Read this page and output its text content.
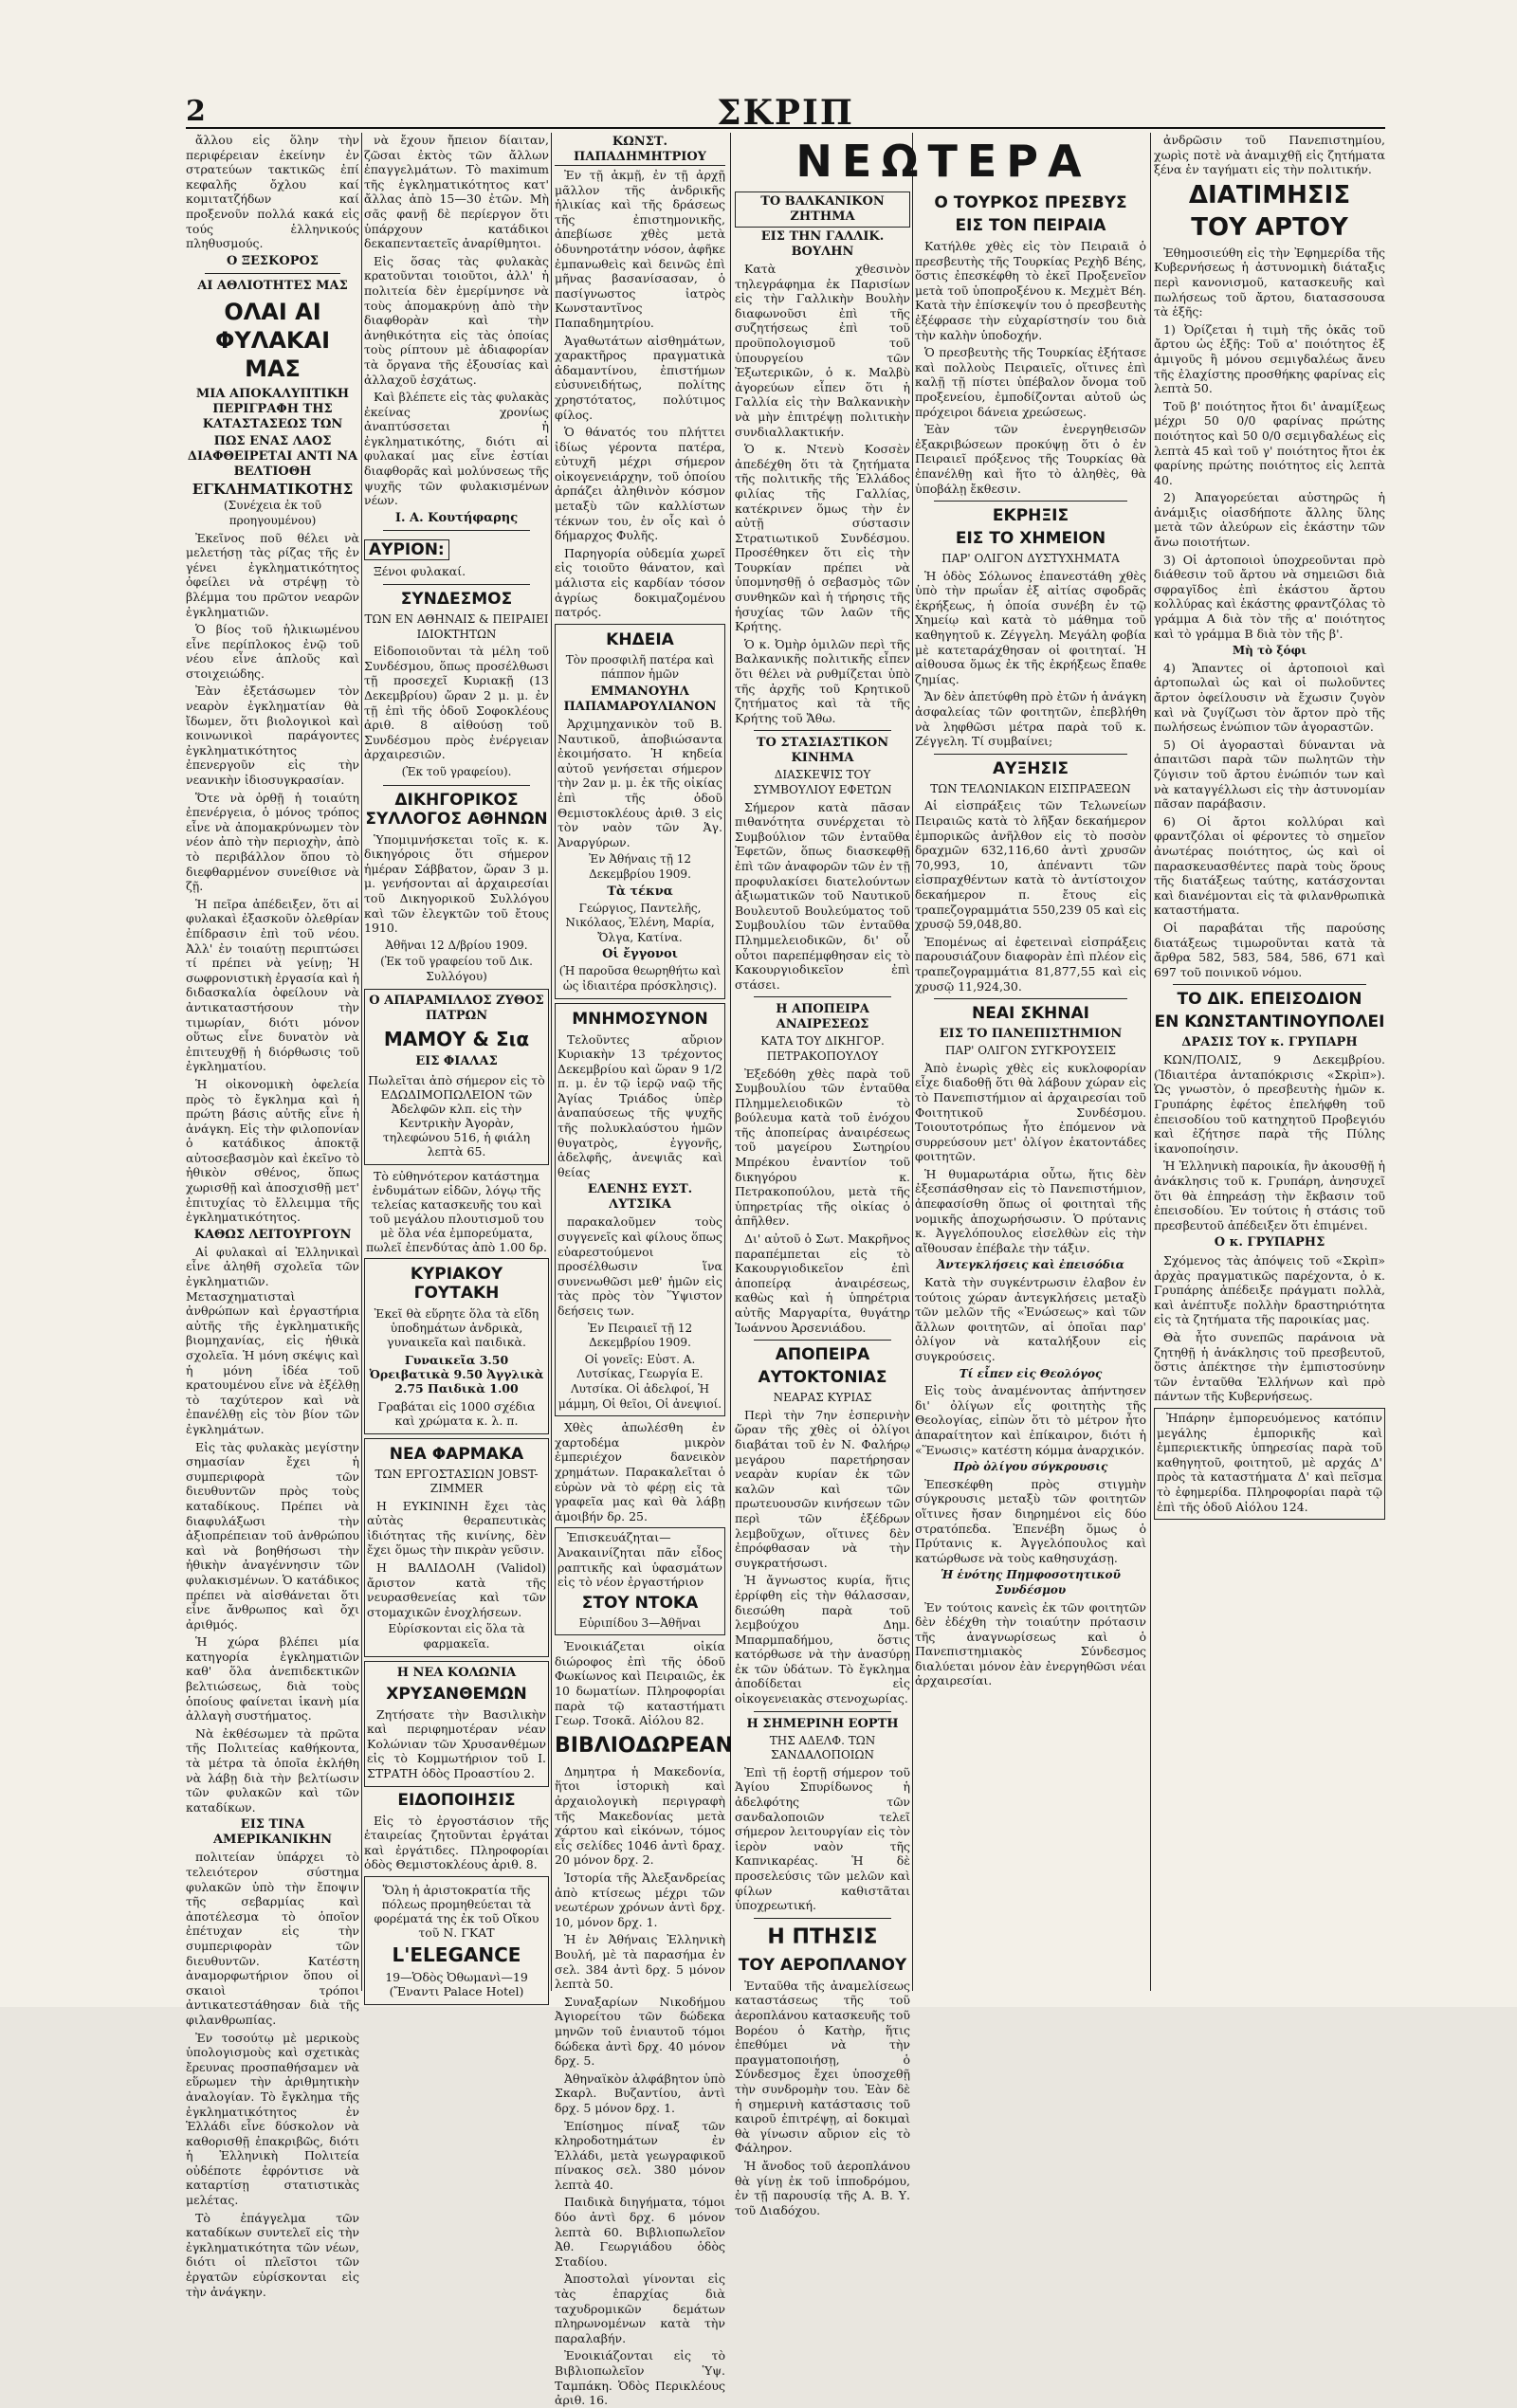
2	ΣΚΡΙΠ

ἄλλου εἰς ὅλην τὴν περιφέρειαν ἐκείνην ἐν στρατεύων τακτικῶς ἐπί κεφαλῆς ὄχλου καί κομιτατζήδων καί προξενοῦν πολλά κακά εἰς τούς ἑλληνικούς πληθυσμούς.

Ο ΞΕΣΚΟΡΟΣ
ΑΙ ΑΘΛΙΟΤΗΤΕΣ ΜΑΣ
ΟΛΑΙ ΑΙ ΦΥΛΑΚΑΙ ΜΑΣ
ΜΙΑ ΑΠΟΚΑΛΥΠΤΙΚΗ ΠΕΡΙΓΡΑΦΗ ΤΗΣ ΚΑΤΑΣΤΑΣΕΩΣ ΤΩΝ
ΠΩΣ ΕΝΑΣ ΛΑΟΣ ΔΙΑΦΘΕΙΡΕΤΑΙ ΑΝΤΙ ΝΑ ΒΕΛΤΙΟΘΗ
ΕΓΚΛΗΜΑΤΙΚΟΤΗΣ
(Συνέχεια ἐκ τοῦ προηγουμένου)

Ἐκεῖνος ποῦ θέλει νὰ μελετήσῃ τὰς ρίζας τῆς ἐν γένει ἐγκληματικότητος ὀφείλει νὰ στρέψῃ τὸ βλέμμα του πρῶτον νεαρῶν ἐγκληματιῶν.

Ὁ βίος τοῦ ἡλικιωμένου εἶνε περίπλοκος ἐνῷ τοῦ νέου εἶνε ἁπλοῦς καὶ στοιχειώδης.

Ἐὰν ἐξετάσωμεν τὸν νεαρὸν ἐγκληματίαν θὰ ἴδωμεν, ὅτι βιολογικοὶ καὶ κοινωνικοὶ παράγοντες ἐγκληματικότητος ἐπενεργοῦν εἰς τὴν νεανικὴν ἰδιοσυγκρασίαν.

Ὅτε νὰ ὀρθῇ ἡ τοιαύτη ἐπενέργεια, ὁ μόνος τρόπος εἶνε νὰ ἀπομακρύνωμεν τὸν νέον ἀπὸ τὴν περιοχὴν, ἀπὸ τὸ περιβάλλον ὅπου τὸ διεφθαρμένον συνείθισε νὰ ζῇ.

Ἡ πεῖρα ἀπέδειξεν, ὅτι αἱ φυλακαὶ ἐξασκοῦν ὀλεθρίαν ἐπίδρασιν ἐπὶ τοῦ νέου. Ἀλλ' ἐν τοιαύτῃ περιπτώσει τί πρέπει νὰ γείνῃ; Ἡ σωφρονιστικὴ ἐργασία καὶ ἡ διδασκαλία ὀφείλουν νὰ ἀντικαταστήσουν τὴν τιμωρίαν, διότι μόνον οὕτως εἶνε δυνατὸν νὰ ἐπιτευχθῇ ἡ διόρθωσις τοῦ ἐγκληματίου.

Ἡ οἰκονομικὴ ὀφελεία πρὸς τὸ ἔγκλημα καὶ ἡ πρώτη βάσις αὐτῆς εἶνε ἡ ἀνάγκη. Εἰς τὴν φιλοπονίαν ὁ κατάδικος ἀποκτᾷ αὐτοσεβασμὸν καὶ ἐκεῖνο τὸ ἠθικὸν σθένος, ὅπως χωρισθῇ καὶ ἀποσχισθῇ μετ' ἐπιτυχίας τὸ ἔλλειμμα τῆς ἐγκληματικότητος.

ΚΑΘΩΣ ΛΕΙΤΟΥΡΓΟΥΝ

Αἱ φυλακαὶ αἱ Ἑλληνικαὶ εἶνε ἀληθῆ σχολεῖα τῶν ἐγκληματιῶν. Μετασχηματισταὶ ἀνθρώπων καὶ ἐργαστήρια αὐτῆς τῆς ἐγκληματικῆς βιομηχανίας, εἰς ἠθικὰ σχολεῖα. Ἡ μόνη σκέψις καὶ ἡ μόνη ἰδέα τοῦ κρατουμένου εἶνε νὰ ἐξέλθῃ τὸ ταχύτερον καὶ νὰ ἐπανέλθῃ εἰς τὸν βίον τῶν ἐγκλημάτων.

Εἰς τὰς φυλακὰς μεγίστην σημασίαν ἔχει ἡ συμπεριφορὰ τῶν διευθυντῶν πρὸς τοὺς καταδίκους. Πρέπει νὰ διαφυλάξωσι τὴν ἀξιοπρέπειαν τοῦ ἀνθρώπου καὶ νὰ βοηθήσωσι τὴν ἠθικὴν ἀναγέννησιν τῶν φυλακισμένων. Ὁ κατάδικος πρέπει νὰ αἰσθάνεται ὅτι εἶνε ἄνθρωπος καὶ ὄχι ἀριθμός.

Ἡ χώρα βλέπει μία κατηγορία ἐγκληματιῶν καθ' ὅλα ἀνεπιδεκτικῶν βελτιώσεως, διὰ τοὺς ὁποίους φαίνεται ἱκανὴ μία ἀλλαγὴ συστήματος.

Νὰ ἐκθέσωμεν τὰ πρῶτα τῆς Πολιτείας καθήκοντα, τὰ μέτρα τὰ ὁποῖα ἐκλήθη νὰ λάβῃ διὰ τὴν βελτίωσιν τῶν φυλακῶν καὶ τῶν καταδίκων.

ΕΙΣ ΤΙΝΑ ΑΜΕΡΙΚΑΝΙΚΗΝ

πολιτείαν ὑπάρχει τὸ τελειότερον σύστημα φυλακῶν ὑπὸ τὴν ἔποψιν τῆς σεβαρμίας καὶ ἀποτέλεσμα τὸ ὁποῖον ἐπέτυχαν εἰς τὴν συμπεριφορὰν τῶν διευθυντῶν. Κατέστη ἀναμορφωτήριον ὅπου οἱ σκαιοὶ τρόποι ἀντικατεστάθησαν διὰ τῆς φιλανθρωπίας.

Ἐν τοσούτῳ μὲ μερικοὺς ὑπολογισμοὺς καὶ σχετικὰς ἔρευνας προσπαθήσαμεν νὰ εὕρωμεν τὴν ἀριθμητικὴν ἀναλογίαν. Τὸ ἔγκλημα τῆς ἐγκληματικότητος ἐν Ἑλλάδι εἶνε δύσκολον νὰ καθορισθῇ ἐπακριβῶς, διότι ἡ Ἑλληνικὴ Πολιτεία οὐδέποτε ἐφρόντισε νὰ καταρτίσῃ στατιστικὰς μελέτας.

Τὸ ἐπάγγελμα τῶν καταδίκων συντελεῖ εἰς τὴν ἐγκληματικότητα τῶν νέων, διότι οἱ πλεῖστοι τῶν ἐργατῶν εὑρίσκονται εἰς τὴν ἀνάγκην.

νὰ ἔχουν ἤπειον δίαιταν, ζῶσαι ἐκτὸς τῶν ἄλλων ἐπαγγελμάτων. Τὸ maximum τῆς ἐγκληματικότητος κατ' ἄλλας ἀπὸ 15—30 ἐτῶν. Μὴ σᾶς φανῇ δὲ περίεργον ὅτι ὑπάρχουν κατάδικοι δεκαπενταετεῖς ἀναρίθμητοι.

Εἰς ὅσας τὰς φυλακὰς κρατοῦνται τοιοῦτοι, ἀλλ' ἡ πολιτεία δὲν ἐμερίμνησε νὰ τοὺς ἀπομακρύνῃ ἀπὸ τὴν διαφθορὰν καὶ τὴν ἀνηθικότητα εἰς τὰς ὁποίας τοὺς ρίπτουν μὲ ἀδιαφορίαν τὰ ὄργανα τῆς ἐξουσίας καὶ ἀλλαχοῦ ἐσχάτως.

Καὶ βλέπετε εἰς τὰς φυλακὰς ἐκείνας χρονίως ἀναπτύσσεται ἡ ἐγκληματικότης, διότι αἱ φυλακαί μας εἶνε ἐστίαι διαφθορᾶς καὶ μολύνσεως τῆς ψυχῆς τῶν φυλακισμένων νέων.

Ι. Α. Κουτήφαρης
ΑΥΡΙΟΝ:

Ξένοι φυλακαί.

ΣΥΝΔΕΣΜΟΣ
ΤΩΝ ΕΝ ΑΘΗΝΑΙΣ & ΠΕΙΡΑΙΕΙ ΙΔΙΟΚΤΗΤΩΝ

Εἰδοποιοῦνται τὰ μέλη τοῦ Συνδέσμου, ὅπως προσέλθωσι τῇ προσεχεῖ Κυριακῇ (13 Δεκεμβρίου) ὥραν 2 μ. μ. ἐν τῇ ἐπὶ τῆς ὁδοῦ Σοφοκλέους ἀριθ. 8 αἰθούσῃ τοῦ Συνδέσμου πρὸς ἐνέργειαν ἀρχαιρεσιῶν.

(Ἐκ τοῦ γραφείου).
ΔΙΚΗΓΟΡΙΚΟΣ ΣΥΛΛΟΓΟΣ ΑΘΗΝΩΝ

Ὑπομιμνήσκεται τοῖς κ. κ. δικηγόροις ὅτι σήμερον ἡμέραν Σάββατον, ὥραν 3 μ. μ. γενήσονται αἱ ἀρχαιρεσίαι τοῦ Δικηγορικοῦ Συλλόγου καὶ τῶν ἐλεγκτῶν τοῦ ἔτους 1910.

Ἀθῆναι 12 Δ/βρίου 1909.
(Ἐκ τοῦ γραφείου τοῦ Δικ. Συλλόγου)
Ο ΑΠΑΡΑΜΙΛΛΟΣ ΖΥΘΟΣ ΠΑΤΡΩΝ
ΜΑΜΟΥ & Σια
ΕΙΣ ΦΙΑΛΑΣ
Πωλεῖται ἀπὸ σήμερον εἰς τὸ ΕΔΩΔΙΜΟΠΩΛΕΙΟΝ τῶν Ἀδελφῶν κλπ. εἰς τὴν Κεντρικὴν Ἀγορὰν, τηλεφώνου 516, ἡ φιάλη λεπτὰ 65.
Τὸ εὐθηνότερον κατάστημα ἐνδυμάτων εἰδῶν, λόγῳ τῆς τελείας κατασκευῆς του καὶ τοῦ μεγάλου πλουτισμοῦ του μὲ ὅλα νέα ἐμπορεύματα, πωλεῖ ἐπενδύτας ἀπὸ 1.00 δρ.
ΚΥΡΙΑΚΟΥ ΓΟΥΤΑΚΗ
Ἐκεῖ θὰ εὕρητε ὅλα τὰ εἴδη ὑποδημάτων ἀνδρικὰ, γυναικεῖα καὶ παιδικὰ.
Γυναικεῖα 3.50 Ὀρειβατικὰ 9.50 Ἀγγλικὰ 2.75 Παιδικὰ 1.00
Γραβάται εἰς 1000 σχέδια καὶ χρώματα κ. λ. π.
ΝΕΑ ΦΑΡΜΑΚΑ
ΤΩΝ ΕΡΓΟΣΤΑΣΙΩΝ JOBST-ZIMMER

Η ΕΥΚΙΝΙΝΗ ἔχει τὰς αὐτὰς θεραπευτικὰς ἰδιότητας τῆς κινίνης, δὲν ἔχει ὅμως τὴν πικρὰν γεῦσιν.

Η ΒΑΛΙΔΟΛΗ (Validol) ἄριστον κατὰ τῆς νευρασθενείας καὶ τῶν στομαχικῶν ἐνοχλήσεων.

Εὑρίσκονται εἰς ὅλα τὰ φαρμακεῖα.
Η ΝΕΑ ΚΟΛΩΝΙΑ
ΧΡΥΣΑΝΘΕΜΩΝ

Ζητήσατε τὴν Βασιλικὴν καὶ περιφημοτέραν νέαν Κολώνιαν τῶν Χρυσανθέμων εἰς τὸ Κομμωτήριον τοῦ Ι. ΣΤΡΑΤΗ ὁδὸς Προαστίου 2.

ΕΙΔΟΠΟΙΗΣΙΣ

Εἰς τὸ ἐργοστάσιον τῆς ἑταιρείας ζητοῦνται ἐργάται καὶ ἐργάτιδες. Πληροφορίαι ὁδὸς Θεμιστοκλέους ἀριθ. 8.

Ὅλη ἡ ἀριστοκρατία τῆς πόλεως προμηθεύεται τὰ φορέματά της ἐκ τοῦ Οἴκου τοῦ Ν. ΓΚΑΤ
L'ELEGANCE
19—Ὁδὸς Ὀθωμανὶ—19 (Ἔναντι Palace Hotel)
ΚΩΝΣΤ. ΠΑΠΑΔΗΜΗΤΡΙΟΥ

Ἐν τῇ ἀκμῇ, ἐν τῇ ἀρχῇ μᾶλλον τῆς ἀνδρικῆς ἡλικίας καὶ τῆς δράσεως τῆς ἐπιστημονικῆς, ἀπεβίωσε χθὲς μετὰ ὀδυνηροτάτην νόσον, ἀφῆκε ἐμπανωθεὶς καὶ δεινῶς ἐπὶ μῆνας βασανίσασαν, ὁ πασίγνωστος ἰατρὸς Κωνσταντῖνος Παπαδημητρίου.

Ἀγαθωτάτων αἰσθημάτων, χαρακτῆρος πραγματικὰ ἀδαμαντίνου, ἐπιστήμων εὐσυνειδήτως, πολίτης χρηστότατος, πολύτιμος φίλος.

Ὁ θάνατός του πλήττει ἰδίως γέροντα πατέρα, εὐτυχῆ μέχρι σήμερον οἰκογενειάρχην, τοῦ ὁποίου ἀρπάζει ἀληθινὸν κόσμον μεταξὺ τῶν καλλίστων τέκνων του, ἐν οἷς καὶ ὁ δήμαρχος Φυλῆς.

Παρηγορία οὐδεμία χωρεῖ εἰς τοιοῦτο θάνατον, καὶ μάλιστα εἰς καρδίαν τόσον ἀγρίως δοκιμαζομένου πατρός.

ΚΗΔΕΙΑ
Τὸν προσφιλῆ πατέρα καὶ πάππον ἡμῶν
ΕΜΜΑΝΟΥΗΛ ΠΑΠΑΜΑΡΟΥΛΙΑΝΟΝ

Ἀρχιμηχανικὸν τοῦ Β. Ναυτικοῦ, ἀποβιώσαντα ἐκοιμήσατο. Ἡ κηδεία αὐτοῦ γενήσεται σήμερον τὴν 2αν μ. μ. ἐκ τῆς οἰκίας ἐπὶ τῆς ὁδοῦ Θεμιστοκλέους ἀριθ. 3 εἰς τὸν ναὸν τῶν Ἁγ. Ἀναργύρων.

Ἐν Ἀθήναις τῇ 12 Δεκεμβρίου 1909.
Τὰ τέκνα
Γεώργιος, Παντελῆς, Νικόλαος, Ἑλένη, Μαρία, Ὄλγα, Κατίνα.
Οἱ ἔγγονοι
(Ἡ παροῦσα θεωρηθήτω καὶ ὡς ἰδιαιτέρα πρόσκλησις).
ΜΝΗΜΟΣΥΝΟΝ

Τελοῦντες αὔριον Κυριακὴν 13 τρέχοντος Δεκεμβρίου καὶ ὥραν 9 1/2 π. μ. ἐν τῷ ἱερῷ ναῷ τῆς Ἁγίας Τριάδος ὑπὲρ ἀναπαύσεως τῆς ψυχῆς τῆς πολυκλαύστου ἡμῶν θυγατρὸς, ἐγγονῆς, ἀδελφῆς, ἀνεψιᾶς καὶ θείας

ΕΛΕΝΗΣ ΕΥΣΤ. ΛΥΤΣΙΚΑ

παρακαλοῦμεν τοὺς συγγενεῖς καὶ φίλους ὅπως εὐαρεστούμενοι προσέλθωσιν ἵνα συνενωθῶσι μεθ' ἡμῶν εἰς τὰς πρὸς τὸν Ὕψιστον δεήσεις των.

Ἐν Πειραιεῖ τῇ 12 Δεκεμβρίου 1909.
Οἱ γονεῖς: Εὐστ. Α. Λυτσίκας, Γεωργία Ε. Λυτσίκα. Οἱ ἀδελφοί, Ἡ μάμμη, Οἱ θεῖοι, Οἱ ἀνεψιοί.

Χθὲς ἀπωλέσθη ἐν χαρτοδέμα μικρὸν ἐμπεριέχον δανεικὸν χρημάτων. Παρακαλεῖται ὁ εὑρὼν νὰ τὸ φέρῃ εἰς τὰ γραφεῖα μας καὶ θὰ λάβῃ ἀμοιβήν δρ. 25.

Ἐπισκευάζηται—Ἀνακαινίζηται πᾶν εἶδος ραπτικῆς καὶ ὑφασμάτων εἰς τὸ νέον ἐργαστήριον

ΣΤΟΥ ΝΤΟΚΑ
Εὐριπίδου 3—Ἀθῆναι

Ἐνοικιάζεται οἰκία διώροφος ἐπὶ τῆς ὁδοῦ Φωκίωνος καὶ Πειραιῶς, ἐκ 10 δωματίων. Πληροφορίαι παρὰ τῷ καταστήματι Γεωρ. Τσοκᾶ. Αἰόλου 82.

ΒΙΒΛΙΟΔΩΡΕΑΝ

Δημητρα ἡ Μακεδονία, ἥτοι ἱστορικὴ καὶ ἀρχαιολογικὴ περιγραφὴ τῆς Μακεδονίας μετὰ χάρτου καὶ εἰκόνων, τόμος εἷς σελίδες 1046 ἀντὶ δραχ. 20 μόνον δρχ. 2.

Ἱστορία τῆς Ἀλεξανδρείας ἀπὸ κτίσεως μέχρι τῶν νεωτέρων χρόνων ἀντὶ δρχ. 10, μόνον δρχ. 1.

Ἡ ἐν Ἀθήναις Ἑλληνικὴ Βουλή, μὲ τὰ παρασήμα ἐν σελ. 384 ἀντὶ δρχ. 5 μόνον λεπτὰ 50.

Συναξαρίων Νικοδήμου Ἀγιορείτου τῶν δώδεκα μηνῶν τοῦ ἐνιαυτοῦ τόμοι δώδεκα ἀντὶ δρχ. 40 μόνον δρχ. 5.

Ἀθηναϊκὸν ἀλφάβητον ὑπὸ Σκαρλ. Βυζαντίου, ἀντὶ δρχ. 5 μόνον δρχ. 1.

Ἐπίσημος πίναξ τῶν κληροδοτημάτων ἐν Ἑλλάδι, μετὰ γεωγραφικοῦ πίνακος σελ. 380 μόνον λεπτὰ 40.

Παιδικὰ διηγήματα, τόμοι δύο ἀντὶ δρχ. 6 μόνον λεπτὰ 60. Βιβλιοπωλεῖον Ἀθ. Γεωργιάδου ὁδὸς Σταδίου.

Ἀποστολαὶ γίνονται εἰς τὰς ἐπαρχίας διὰ ταχυδρομικῶν δεμάτων πληρωνομένων κατὰ τὴν παραλαβήν.

Ἐνοικιάζονται εἰς τὸ Βιβλιοπωλεῖον Ὑψ. Ταμπάκη. Ὁδὸς Περικλέους ἀριθ. 16.

ΝΕΩΤΕΡΑ
ΤΟ ΒΑΛΚΑΝΙΚΟΝ ΖΗΤΗΜΑ
ΕΙΣ ΤΗΝ ΓΑΛΛΙΚ. ΒΟΥΛΗΝ

Κατὰ χθεσινὸν τηλεγράφημα ἐκ Παρισίων εἰς τὴν Γαλλικὴν Βουλὴν διαφωνοῦσι ἐπὶ τῆς συζητήσεως ἐπὶ τοῦ προϋπολογισμοῦ τοῦ ὑπουργείου τῶν Ἐξωτερικῶν, ὁ κ. Μαλβὺ ἀγορεύων εἶπεν ὅτι ἡ Γαλλία εἰς τὴν Βαλκανικὴν νὰ μὴν ἐπιτρέψῃ πολιτικὴν συνδιαλλακτικήν.

Ὁ κ. Ντενὺ Κοσσὲν ἀπεδέχθη ὅτι τὰ ζητήματα τῆς πολιτικῆς τῆς Ἑλλάδος φιλίας τῆς Γαλλίας, κατέκρινεν ὅμως τὴν ἐν αὐτῇ σύστασιν Στρατιωτικοῦ Συνδέσμου. Προσέθηκεν ὅτι εἰς τὴν Τουρκίαν πρέπει νὰ ὑπομνησθῇ ὁ σεβασμὸς τῶν συνθηκῶν καὶ ἡ τήρησις τῆς ἡσυχίας τῶν λαῶν τῆς Κρήτης.

Ὁ κ. Ὀμὴρ ὁμιλῶν περὶ τῆς Βαλκανικῆς πολιτικῆς εἶπεν ὅτι θέλει νὰ ρυθμίζεται ὑπὸ τῆς ἀρχῆς τοῦ Κρητικοῦ ζητήματος καὶ τὰ τῆς Κρήτης τοῦ Ἄθω.

ΤΟ ΣΤΑΣΙΑΣΤΙΚΟΝ ΚΙΝΗΜΑ
ΔΙΑΣΚΕΨΙΣ ΤΟΥ ΣΥΜΒΟΥΛΙΟΥ ΕΦΕΤΩΝ

Σήμερον κατὰ πᾶσαν πιθανότητα συνέρχεται τὸ Συμβούλιον τῶν ἐνταῦθα Ἐφετῶν, ὅπως διασκεφθῇ ἐπὶ τῶν ἀναφορῶν τῶν ἐν τῇ προφυλακίσει διατελούντων ἀξιωματικῶν τοῦ Ναυτικοῦ Βουλευτοῦ Βουλεύματος τοῦ Συμβουλίου τῶν ἐνταῦθα Πλημμελειοδικῶν, δι' οὗ οὗτοι παρεπέμφθησαν εἰς τὸ Κακουργιοδικεῖον ἐπὶ στάσει.

Η ΑΠΟΠΕΙΡΑ ΑΝΑΙΡΕΣΕΩΣ
ΚΑΤΑ ΤΟΥ ΔΙΚΗΓΟΡ. ΠΕΤΡΑΚΟΠΟΥΛΟΥ

Ἐξεδόθη χθὲς παρὰ τοῦ Συμβουλίου τῶν ἐνταῦθα Πλημμελειοδικῶν τὸ βούλευμα κατὰ τοῦ ἐνόχου τῆς ἀποπείρας ἀναιρέσεως τοῦ μαγείρου Σωτηρίου Μπρέκου ἐναντίον τοῦ δικηγόρου κ. Πετρακοπούλου, μετὰ τῆς ὑπηρετρίας τῆς οἰκίας ὁ ἀπῆλθεν.

Δι' αὐτοῦ ὁ Σωτ. Μακρῆνος παραπέμπεται εἰς τὸ Κακουργιοδικεῖον ἐπὶ ἀποπείρᾳ ἀναιρέσεως, καθὼς καὶ ἡ ὑπηρέτρια αὐτῆς Μαργαρίτα, θυγάτηρ Ἰωάννου Ἀρσενιάδου.

ΑΠΟΠΕΙΡΑ
ΑΥΤΟΚΤΟΝΙΑΣ
ΝΕΑΡΑΣ ΚΥΡΙΑΣ

Περὶ τὴν 7ην ἑσπερινὴν ὥραν τῆς χθὲς οἱ ὀλίγοι διαβάται τοῦ ἐν Ν. Φαλήρῳ μεγάρου παρετήρησαν νεαρὰν κυρίαν ἐκ τῶν καλῶν καὶ τῶν πρωτευουσῶν κινήσεων τῶν περὶ τῶν ἐξέδρων λεμβοῦχων, οἵτινες δὲν ἐπρόφθασαν νὰ τὴν συγκρατήσωσι.

Ἡ ἄγνωστος κυρία, ἥτις ἐρρίφθη εἰς τὴν θάλασσαν, διεσώθη παρὰ τοῦ λεμβούχου Δημ. Μπαρμπαδήμου, ὅστις κατόρθωσε νὰ τὴν ἀνασύρῃ ἐκ τῶν ὑδάτων. Τὸ ἔγκλημα ἀποδίδεται εἰς οἰκογενειακὰς στενοχωρίας.

Η ΣΗΜΕΡΙΝΗ ΕΟΡΤΗ
ΤΗΣ ΑΔΕΛΦ. ΤΩΝ ΣΑΝΔΑΛΟΠΟΙΩΝ

Ἐπὶ τῇ ἑορτῇ σήμερον τοῦ Ἁγίου Σπυρίδωνος ἡ ἀδελφότης τῶν σανδαλοποιῶν τελεῖ σήμερον λειτουργίαν εἰς τὸν ἱερὸν ναὸν τῆς Καπνικαρέας. Ἡ δὲ προσελεύσις τῶν μελῶν καὶ φίλων καθιστᾶται ὑποχρεωτική.

Η ΠΤΗΣΙΣ
ΤΟΥ ΑΕΡΟΠΛΑΝΟΥ

Ἐνταῦθα τῆς ἀναμελίσεως καταστάσεως τῆς τοῦ ἀεροπλάνου κατασκευῆς τοῦ Βορέου ὁ Κατὴρ, ἥτις ἐπεθύμει νὰ τὴν πραγματοποιήσῃ, ὁ Σύνδεσμος ἔχει ὑποσχεθῇ τὴν συνδρομὴν του. Ἐὰν δὲ ἡ σημερινὴ κατάστασις τοῦ καιροῦ ἐπιτρέψῃ, αἱ δοκιμαὶ θὰ γίνωσιν αὔριον εἰς τὸ Φάληρον.

Ἡ ἄνοδος τοῦ ἀεροπλάνου θὰ γίνῃ ἐκ τοῦ ἱπποδρόμου, ἐν τῇ παρουσίᾳ τῆς Α. Β. Υ. τοῦ Διαδόχου.

Ο ΤΟΥΡΚΟΣ ΠΡΕΣΒΥΣ
ΕΙΣ ΤΟΝ ΠΕΙΡΑΙΑ

Κατήλθε χθὲς εἰς τὸν Πειραιᾶ ὁ πρεσβευτὴς τῆς Τουρκίας Ρεχὴδ Βέης, ὅστις ἐπεσκέφθη τὸ ἐκεῖ Προξενεῖον μετὰ τοῦ ὑποπροξένου κ. Μεχμὲτ Βέη. Κατὰ τὴν ἐπίσκεψίν του ὁ πρεσβευτὴς ἐξέφρασε τὴν εὐχαρίστησίν του διὰ τὴν καλὴν ὑποδοχήν.

Ὁ πρεσβευτὴς τῆς Τουρκίας ἐξήτασε καὶ πολλοὺς Πειραιεῖς, οἵτινες ἐπὶ καλῇ τῇ πίστει ὑπέβαλον ὄνομα τοῦ προξενείου, ἐμποδίζονται αὐτοῦ ὡς πρόχειροι δάνεια χρεώσεως.

Ἐὰν τῶν ἐνεργηθεισῶν ἐξακριβώσεων προκύψῃ ὅτι ὁ ἐν Πειραιεῖ πρόξενος τῆς Τουρκίας θὰ ἐπανέλθῃ καὶ ἥτο τὸ ἀληθὲς, θὰ ὑποβάλῃ ἔκθεσιν.

ΕΚΡΗΞΙΣ
ΕΙΣ ΤΟ ΧΗΜΕΙΟΝ
ΠΑΡ' ΟΛΙΓΟΝ ΔΥΣΤΥΧΗΜΑΤΑ

Ἡ ὁδὸς Σόλωνος ἐπανεστάθη χθὲς ὑπὸ τὴν πρωΐαν ἐξ αἰτίας σφοδρᾶς ἐκρήξεως, ἡ ὁποία συνέβη ἐν τῷ Χημείῳ καὶ κατὰ τὸ μάθημα τοῦ καθηγητοῦ κ. Ζέγγελη. Μεγάλη φοβία μὲ κατεταράχθησαν οἱ φοιτηταί. Ἡ αἰθουσα ὅμως ἐκ τῆς ἐκρήξεως ἔπαθε ζημίας.

Ἄν δὲν ἀπετύφθη πρὸ ἐτῶν ἡ ἀνάγκη ἀσφαλείας τῶν φοιτητῶν, ἐπεβλήθη νὰ ληφθῶσι μέτρα παρὰ τοῦ κ. Ζέγγελη. Τί συμβαίνει;

ΑΥΞΗΣΙΣ
ΤΩΝ ΤΕΛΩΝΙΑΚΩΝ ΕΙΣΠΡΑΞΕΩΝ

Αἱ εἰσπράξεις τῶν Τελωνείων Πειραιῶς κατὰ τὸ λῆξαν δεκαήμερον ἐμπορικῶς ἀνῆλθον εἰς τὸ ποσὸν δραχμῶν 632,116,60 ἀντὶ χρυσῶν 70,993, 10, ἀπέναντι τῶν εἰσπραχθέντων κατὰ τὸ ἀντίστοιχον δεκαήμερον π. ἔτους εἰς τραπεζογραμμάτια 550,239 05 καὶ εἰς χρυσῷ 59,048,80.

Ἐπομένως αἱ ἐφετειναὶ εἰσπράξεις παρουσιάζουν διαφορὰν ἐπὶ πλέον εἰς τραπεζογραμμάτια 81,877,55 καὶ εἰς χρυσῷ 11,924,30.

ΝΕΑΙ ΣΚΗΝΑΙ
ΕΙΣ ΤΟ ΠΑΝΕΠΙΣΤΗΜΙΟΝ
ΠΑΡ' ΟΛΙΓΟΝ ΣΥΓΚΡΟΥΣΕΙΣ

Ἀπὸ ἐνωρὶς χθὲς εἰς κυκλοφορίαν εἶχε διαδοθῇ ὅτι θὰ λάβουν χώραν εἰς τὸ Πανεπιστήμιον αἱ ἀρχαιρεσίαι τοῦ Φοιτητικοῦ Συνδέσμου. Τοιουτοτρόπως ἦτο ἐπόμενον νὰ συρρεύσουν μετ' ὀλίγον ἑκατοντάδες φοιτητῶν.

Ἡ θυμαρωτάρια οὗτω, ἥτις δὲν ἐξεσπάσθησαν εἰς τὸ Πανεπιστήμιον, ἀπεφασίσθη ὅπως οἱ φοιτηταὶ τῆς νομικῆς ἀποχωρήσωσιν. Ὁ πρύτανις κ. Ἀγγελόπουλος εἰσελθὼν εἰς τὴν αἴθουσαν ἐπέβαλε τὴν τάξιν.

Ἀντεγκλήσεις καὶ ἐπεισόδια

Κατὰ τὴν συγκέντρωσιν ἐλαβον ἐν τούτοις χώραν ἀντεγκλήσεις μεταξὺ τῶν μελῶν τῆς «Ἑνώσεως» καὶ τῶν ἄλλων φοιτητῶν, αἱ ὁποῖαι παρ' ὀλίγον νὰ καταλήξουν εἰς συγκρούσεις.

Τί εἶπεν εἰς Θεολόγος

Εἰς τοὺς ἀναμένοντας ἀπήντησεν δι' ὀλίγων εἷς φοιτητὴς τῆς Θεολογίας, εἰπὼν ὅτι τὸ μέτρον ἦτο ἀπαραίτητον καὶ ἐπίκαιρον, διότι ἡ «Ἕνωσις» κατέστη κόμμα ἀναρχικόν.

Πρὸ ὀλίγου σύγκρουσις

Ἐπεσκέφθη πρὸς στιγμὴν σύγκρουσις μεταξὺ τῶν φοιτητῶν οἵτινες ἤσαν διηρημένοι εἰς δύο στρατόπεδα. Ἐπενέβη ὅμως ὁ Πρύτανις κ. Ἀγγελόπουλος καὶ κατώρθωσε νὰ τοὺς καθησυχάσῃ.

Ἡ ἑνότης Πημφοσοτητικοῦ Συνδέσμου

Ἐν τούτοις κανεὶς ἐκ τῶν φοιτητῶν δὲν ἐδέχθη τὴν τοιαύτην πρότασιν τῆς ἀναγνωρίσεως καὶ ὁ Πανεπιστημιακὸς Σύνδεσμος διαλύεται μόνον ἐὰν ἐνεργηθῶσι νέαι ἀρχαιρεσίαι.

ἀνδρῶσιν τοῦ Πανεπιστημίου, χωρὶς ποτὲ νὰ ἀναμιχθῇ εἰς ζητήματα ξένα ἐν ταγήματι εἰς τὴν πολιτικήν.

ΔΙΑΤΙΜΗΣΙΣ
ΤΟΥ ΑΡΤΟΥ

Ἐθημοσιεύθη εἰς τὴν Ἐφημερίδα τῆς Κυβερνήσεως ἡ ἀστυνομικὴ διάταξις περὶ κανονισμοῦ, κατασκευῆς καὶ πωλήσεως τοῦ ἄρτου, διατασσουσα τὰ ἑξῆς:

1) Ὀρίζεται ἡ τιμὴ τῆς ὀκᾶς τοῦ ἄρτου ὡς ἑξῆς: Τοῦ α' ποιότητος ἐξ ἀμιγοῦς ἢ μόνου σεμιγδαλέως ἄνευ τῆς ἐλαχίστης προσθήκης φαρίνας εἰς λεπτὰ 50.

Τοῦ β' ποιότητος ἤτοι δι' ἀναμίξεως μέχρι 50 0/0 φαρίνας πρώτης ποιότητος καὶ 50 0/0 σεμιγδαλέως εἰς λεπτὰ 45 καὶ τοῦ γ' ποιότητος ἤτοι ἐκ φαρίνης πρώτης ποιότητος εἰς λεπτὰ 40.

2) Ἀπαγορεύεται αὐστηρῶς ἡ ἀνάμιξις οἱασδήποτε ἄλλης ὕλης μετὰ τῶν ἀλεύρων εἰς ἑκάστην τῶν ἄνω ποιοτήτων.

3) Οἱ ἀρτοποιοὶ ὑποχρεοῦνται πρὸ διάθεσιν τοῦ ἄρτου νὰ σημειῶσι διὰ σφραγῖδος ἐπὶ ἑκάστου ἄρτου κολλύρας καὶ ἑκάστης φραντζόλας τὸ γράμμα Α διὰ τὸν τῆς α' ποιότητος καὶ τὸ γράμμα Β διὰ τὸν τῆς β'.

Μὴ τὸ ξόφι

4) Ἄπαντες οἱ ἀρτοποιοὶ καὶ ἀρτοπωλαὶ ὡς καὶ οἱ πωλοῦντες ἄρτον ὀφείλουσιν νὰ ἔχωσιν ζυγὸν καὶ νὰ ζυγίζωσι τὸν ἄρτον πρὸ τῆς πωλήσεως ἐνώπιον τῶν ἀγοραστῶν.

5) Οἱ ἀγορασταὶ δύνανται νὰ ἀπαιτῶσι παρὰ τῶν πωλητῶν τὴν ζύγισιν τοῦ ἄρτου ἐνώπιόν των καὶ νὰ καταγγέλλωσι εἰς τὴν ἀστυνομίαν πᾶσαν παράβασιν.

6) Οἱ ἄρτοι κολλύραι καὶ φραντζόλαι οἱ φέροντες τὸ σημεῖον ἀνωτέρας ποιότητος, ὡς καὶ οἱ παρασκευασθέντες παρὰ τοὺς ὅρους τῆς διατάξεως ταύτης, κατάσχονται καὶ διανέμονται εἰς τὰ φιλανθρωπικὰ καταστήματα.

Οἱ παραβάται τῆς παρούσης διατάξεως τιμωροῦνται κατὰ τὰ ἄρθρα 582, 583, 584, 586, 671 καὶ 697 τοῦ ποινικοῦ νόμου.

ΤΟ ΔΙΚ. ΕΠΕΙΣΟΔΙΟΝ
ΕΝ ΚΩΝΣΤΑΝΤΙΝΟΥΠΟΛΕΙ
ΔΡΑΣΙΣ ΤΟΥ κ. ΓΡΥΠΑΡΗ

ΚΩΝ/ΠΟΛΙΣ, 9 Δεκεμβρίου. (Ἰδιαιτέρα ἀνταπόκρισις «Σκρὶπ»). Ὡς γνωστὸν, ὁ πρεσβευτὴς ἡμῶν κ. Γρυπάρης ἐφέτος ἐπελήφθη τοῦ ἐπεισοδίου τοῦ κατηχητοῦ Προβεγιόυ καὶ ἐζήτησε παρὰ τῆς Πύλης ἱκανοποίησιν.

Ἡ Ἑλληνικὴ παροικία, ἣν ἀκουσθῇ ἡ ἀνάκλησις τοῦ κ. Γρυπάρη, ἀνησυχεῖ ὅτι θὰ ἐπηρεάσῃ τὴν ἔκβασιν τοῦ ἐπεισοδίου. Ἐν τούτοις ἡ στάσις τοῦ πρεσβευτοῦ ἀπέδειξεν ὅτι ἐπιμένει.

Ο κ. ΓΡΥΠΑΡΗΣ

Σχόμενος τὰς ἀπόψεις τοῦ «Σκρὶπ» ἀρχὰς πραγματικῶς παρέχοντα, ὁ κ. Γρυπάρης ἀπέδειξε πράγματι πολλὰ, καὶ ἀνέπτυξε πολλὴν δραστηριότητα εἰς τὰ ζητήματα τῆς παροικίας μας.

Θὰ ἦτο συνεπῶς παράνοια νὰ ζητηθῇ ἡ ἀνάκλησις τοῦ πρεσβευτοῦ, ὅστις ἀπέκτησε τὴν ἐμπιστοσύνην τῶν ἐνταῦθα Ἑλλήνων καὶ πρὸ πάντων τῆς Κυβερνήσεως.

Ἠπάρην ἐμπορευόμενος κατόπιν μεγάλης ἐμπορικῆς καὶ ἐμπεριεκτικῆς ὑπηρεσίας παρὰ τοῦ καθηγητοῦ, φοιτητοῦ, μὲ αρχάς Δ' πρὸς τὰ καταστήματα Δ' καὶ πεῖσμα τὸ ἐφημερίδα. Πληροφορίαι παρὰ τῷ ἐπὶ τῆς ὁδοῦ Αἰόλου 124.
